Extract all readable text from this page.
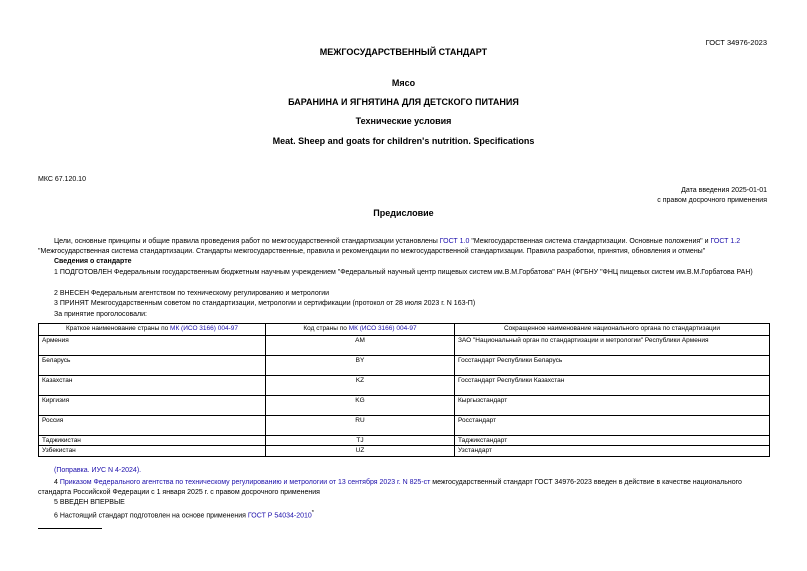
ГОСТ 34976-2023
МЕЖГОСУДАРСТВЕННЫЙ СТАНДАРТ
Мясо
БАРАНИНА И ЯГНЯТИНА ДЛЯ ДЕТСКОГО ПИТАНИЯ
Технические условия
Meat. Sheep and goats for children's nutrition. Specifications
МКС 67.120.10
Дата введения 2025-01-01
с правом досрочного применения
Предисловие
Цели, основные принципы и общие правила проведения работ по межгосударственной стандартизации установлены ГОСТ 1.0 "Межгосударственная система стандартизации. Основные положения" и ГОСТ 1.2 "Межгосударственная система стандартизации. Стандарты межгосударственные, правила и рекомендации по межгосударственной стандартизации. Правила разработки, принятия, обновления и отмены"
Сведения о стандарте
1 ПОДГОТОВЛЕН Федеральным государственным бюджетным научным учреждением "Федеральный научный центр пищевых систем им.В.М.Горбатова" РАН (ФГБНУ "ФНЦ пищевых систем им.В.М.Горбатова РАН)
2 ВНЕСЕН Федеральным агентством по техническому регулированию и метрологии
3 ПРИНЯТ Межгосударственным советом по стандартизации, метрологии и сертификации (протокол от 28 июля 2023 г. N 163-П)
За принятие проголосовали:
Краткое наименование страны по МК (ИСО 3166) 004-97	Код страны по МК (ИСО 3166) 004-97	Сокращенное наименование национального органа по стандартизации
Армения	AM	ЗАО "Национальный орган по стандартизации и метрологии" Республики Армения
Беларусь	BY	Госстандарт Республики Беларусь
Казахстан	KZ	Госстандарт Республики Казахстан
Киргизия	KG	Кыргызстандарт
Россия	RU	Росстандарт
Таджикистан	TJ	Таджикстандарт
Узбекистан	UZ	Узстандарт
(Поправка. ИУС N 4-2024).
4 Приказом Федерального агентства по техническому регулированию и метрологии от 13 сентября 2023 г. N 825-ст межгосударственный стандарт ГОСТ 34976-2023 введен в действие в качестве национального стандарта Российской Федерации с 1 января 2025 г. с правом досрочного применения
5 ВВЕДЕН ВПЕРВЫЕ
6 Настоящий стандарт подготовлен на основе применения ГОСТ Р 54034-2010*
